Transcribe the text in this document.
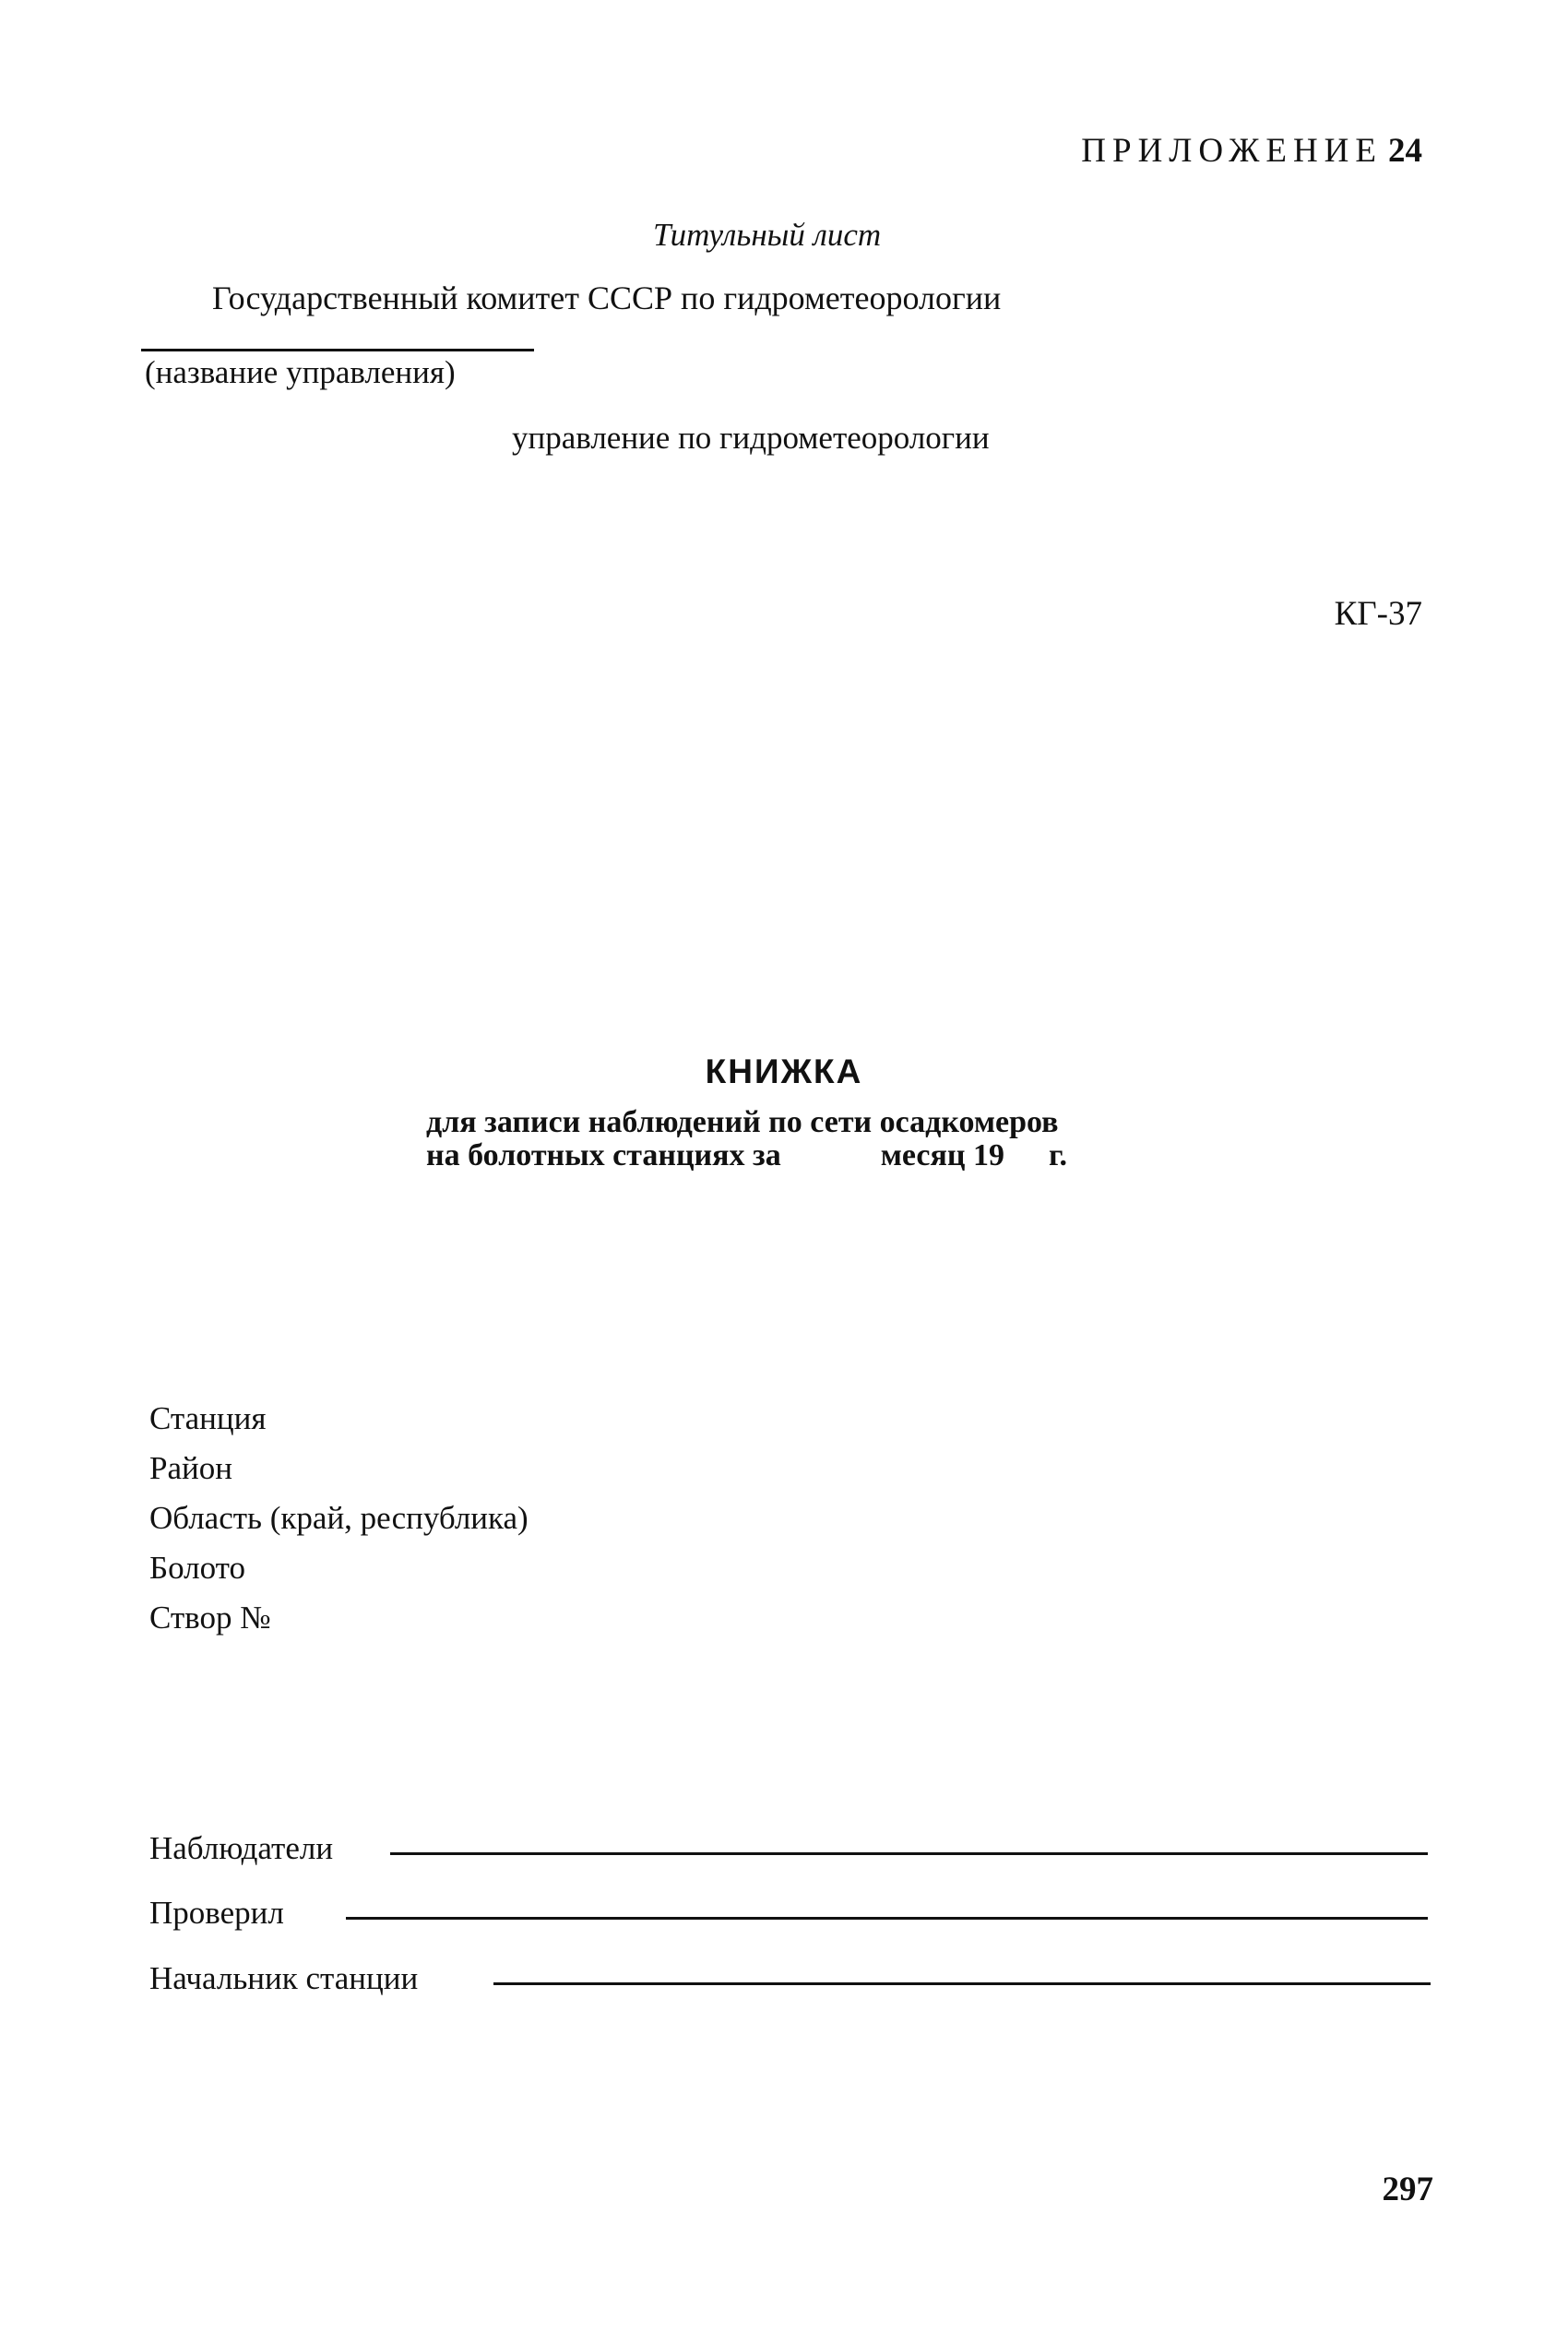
ПРИЛОЖЕНИЕ 24
Титульный лист
Государственный комитет СССР по гидрометеорологии
(название управления)
управление по гидрометеорологии
КГ-37
КНИЖКА
для записи наблюдений по сети осадкомеров
на болотных станциях за	месяц 19 г.
Станция
Район
Область (край, республика)
Болото
Створ №
Наблюдатели
Проверил
Начальник станции
297
